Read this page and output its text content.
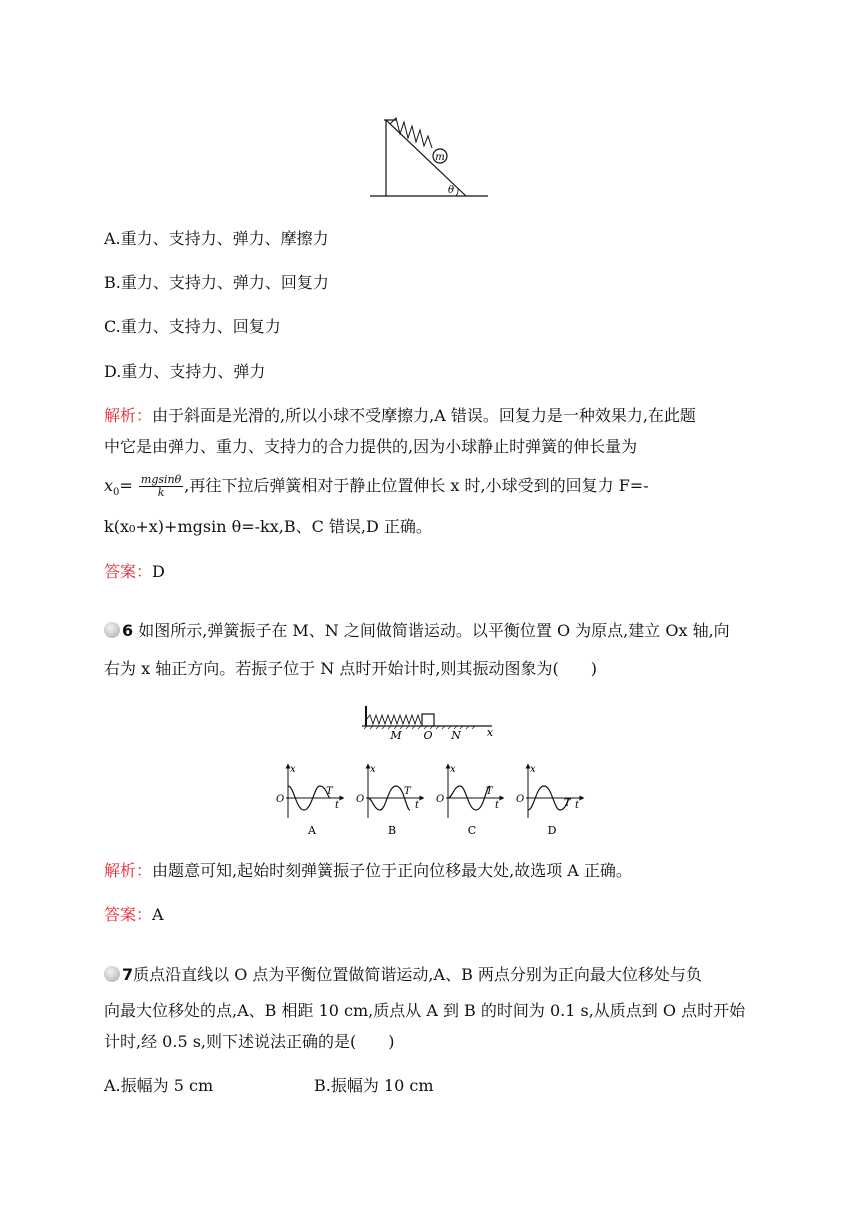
m
θ
A.重力、支持力、弹力、摩擦力
B.重力、支持力、弹力、回复力
C.重力、支持力、回复力
D.重力、支持力、弹力
解析：由于斜面是光滑的,所以小球不受摩擦力,A 错误。回复力是一种效果力,在此题
中它是由弹力、重力、支持力的合力提供的,因为小球静止时弹簧的伸长量为
$x_0= \frac{mgsin\theta}{k}$ ,再往下拉后弹簧相对于静止位置伸长 x 时,小球受到的回复力 F=-
k(x₀+x)+mgsin θ=-kx,B、C 错误,D 正确。
答案：D
6 如图所示,弹簧振子在 M、N 之间做简谐运动。以平衡位置 O 为原点,建立 Ox 轴,向
右为 x 轴正方向。若振子位于 N 点时开始计时,则其振动图象为(　　)
M O N x
O
x
T
t
A
O
x
T
t
B
O
x
T
t
C
O
x
T t
D
解析：由题意可知,起始时刻弹簧振子位于正向位移最大处,故选项 A 正确。
答案：A
7质点沿直线以 O 点为平衡位置做简谐运动,A、B 两点分别为正向最大位移处与负
向最大位移处的点,A、B 相距 10 cm,质点从 A 到 B 的时间为 0.1 s,从质点到 O 点时开始
计时,经 0.5 s,则下述说法正确的是(　　)
A.振幅为 5 cm	B.振幅为 10 cm
